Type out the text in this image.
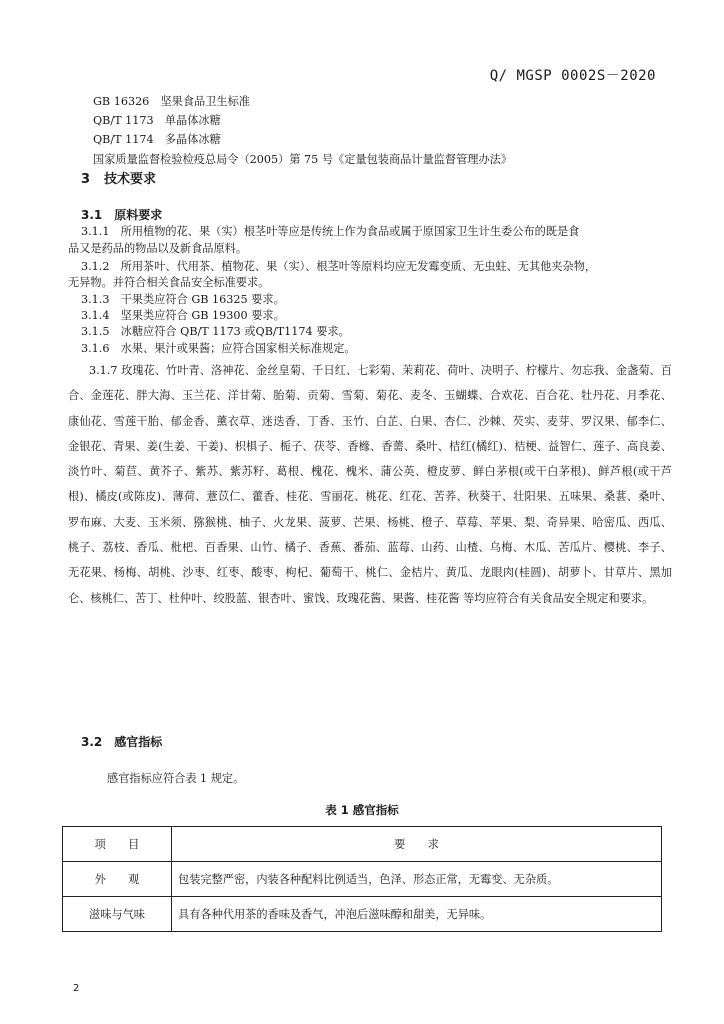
Q/ MGSP 0002S－2020
GB 16326　坚果食品卫生标准
QB/T 1173　单晶体冰糖
QB/T 1174　多晶体冰糖
国家质量监督检验检疫总局令（2005）第 75 号《定量包装商品计量监督管理办法》
3 技术要求
3.1 原料要求
3.1.1　所用植物的花、果（实）根茎叶等应是传统上作为食品或属于原国家卫生计生委公布的既是食
品又是药品的物品以及新食品原料。
3.1.2　所用茶叶、代用茶、植物花、果（实）、根茎叶等原料均应无发霉变质、无虫蛀、无其他夹杂物，
无异物。并符合相关食品安全标准要求。
3.1.3　干果类应符合 GB 16325 要求。
3.1.4　坚果类应符合 GB 19300 要求。
3.1.5　冰糖应符合 QB/T 1173 或QB/T1174 要求。
3.1.6　水果、果汁或果酱；应符合国家相关标准规定。

3.1.7 玫瑰花、竹叶青、洛神花、金丝皇菊、千日红、七彩菊、茉莉花、荷叶、决明子、柠檬片、勿忘我、金盏菊、百合、金莲花、胖大海、玉兰花、洋甘菊、胎菊、贡菊、雪菊、菊花、麦冬、玉蝴蝶、合欢花、百合花、牡丹花、月季花、康仙花、雪莲干胎、郁金香、薰衣草、迷迭香、丁香、玉竹、白芷、白果、杏仁、沙棘、芡实、麦芽、罗汉果、郁李仁、金银花、青果、姜(生姜、干姜)、枳椇子、栀子、茯苓、香橼、香薷、桑叶、桔红(橘红)、桔梗、益智仁、莲子、高良姜、淡竹叶、菊苣、黄芥子、紫苏、紫苏籽、葛根、槐花、槐米、蒲公英、橙皮萝、鲜白茅根(或干白茅根)、鲜芦根(或干芦根)、橘皮(或陈皮)、薄荷、薏苡仁、藿香、桂花、雪丽花、桃花、红花、苦荞、秋葵干、壮阳果、五味果、桑葚、桑叶、罗布麻、大麦、玉米须、猕猴桃、柚子、火龙果、菠萝、芒果、杨桃、橙子、草莓、苹果、梨、奇异果、哈密瓜、西瓜、桃子、荔枝、香瓜、枇杷、百香果、山竹、橘子、香蕉、番茄、蓝莓、山药、山楂、乌梅、木瓜、苦瓜片、樱桃、李子、无花果、杨梅、胡桃、沙枣、红枣、酸枣、枸杞、葡萄干、桃仁、金桔片、黄瓜、龙眼肉(桂圆)、胡萝卜、甘草片、黑加仑、核桃仁、苦丁、杜仲叶、绞股蓝、银杏叶、蜜饯、玫瑰花酱、果酱、桂花酱 等均应符合有关食品安全规定和要求。

3.2 感官指标
感官指标应符合表 1 规定。
表 1 感官指标
项　　目	要　　求
外　　观	包装完整严密，内装各种配料比例适当，色泽、形态正常，无霉变、无杂质。
滋味与气味	具有各种代用茶的香味及香气，冲泡后滋味醇和甜美，无异味。
2
